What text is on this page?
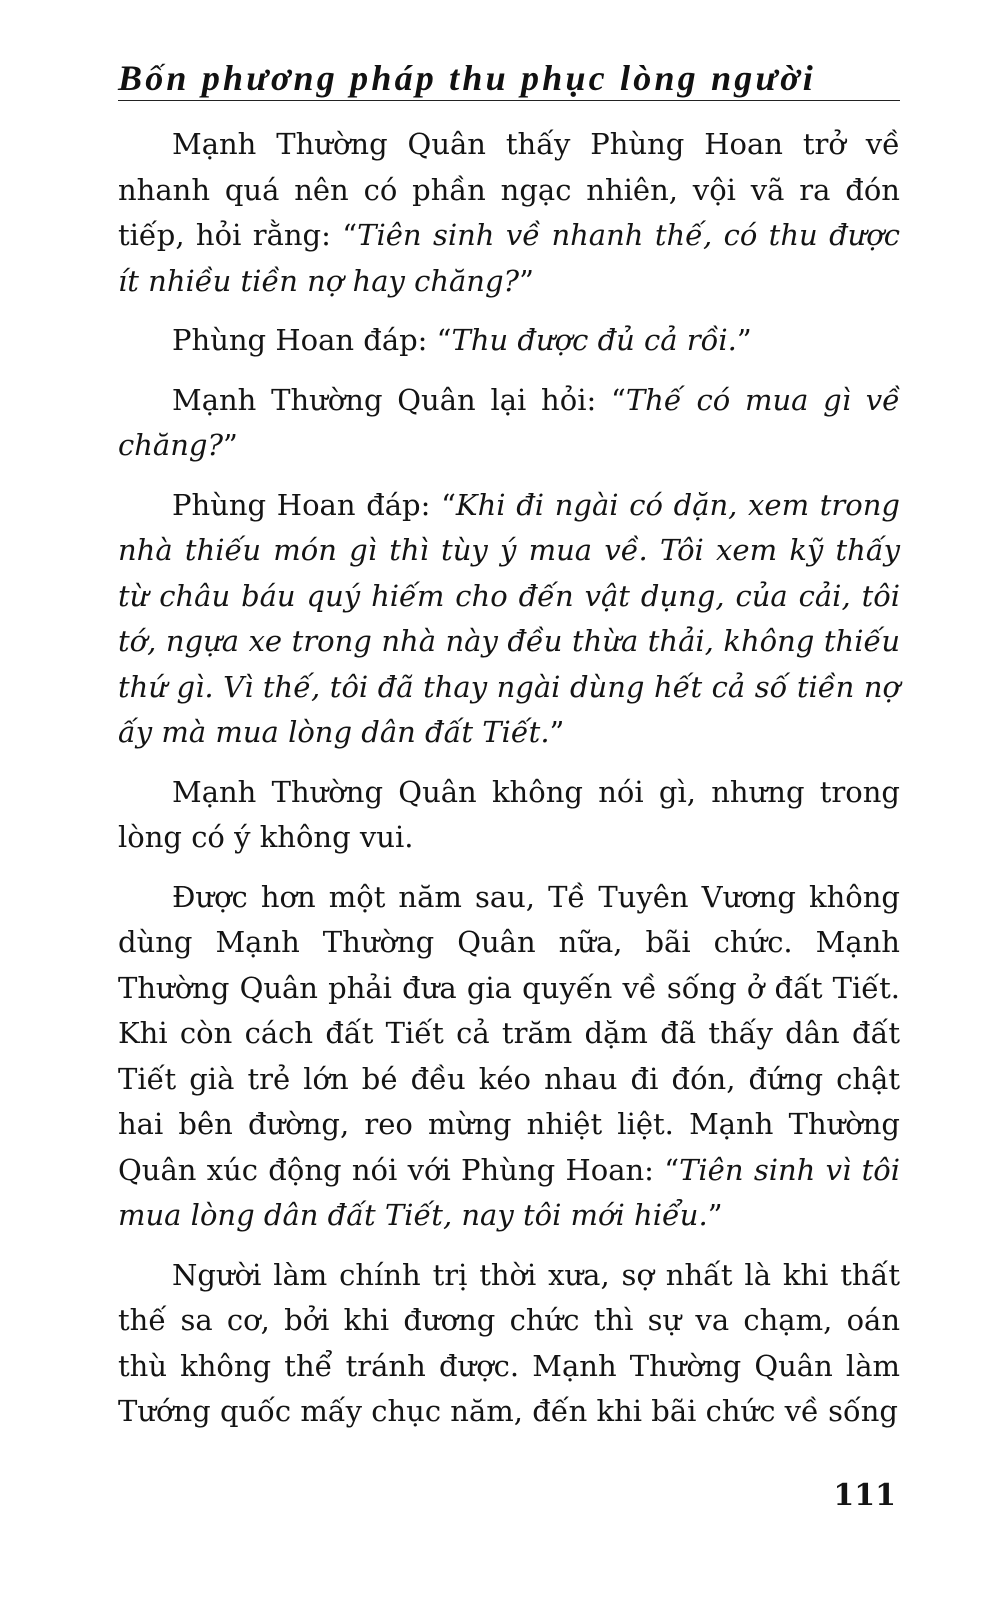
Bốn phương pháp thu phục lòng người

Mạnh Thường Quân thấy Phùng Hoan trở về nhanh quá nên có phần ngạc nhiên, vội vã ra đón tiếp, hỏi rằng: “Tiên sinh về nhanh thế, có thu được ít nhiều tiền nợ hay chăng?”

Phùng Hoan đáp: “Thu được đủ cả rồi.”

Mạnh Thường Quân lại hỏi: “Thế có mua gì về chăng?”

Phùng Hoan đáp: “Khi đi ngài có dặn, xem trong nhà thiếu món gì thì tùy ý mua về. Tôi xem kỹ thấy từ châu báu quý hiếm cho đến vật dụng, của cải, tôi tớ, ngựa xe trong nhà này đều thừa thải, không thiếu thứ gì. Vì thế, tôi đã thay ngài dùng hết cả số tiền nợ ấy mà mua lòng dân đất Tiết.”

Mạnh Thường Quân không nói gì, nhưng trong lòng có ý không vui.

Được hơn một năm sau, Tề Tuyên Vương không dùng Mạnh Thường Quân nữa, bãi chức. Mạnh Thường Quân phải đưa gia quyến về sống ở đất Tiết. Khi còn cách đất Tiết cả trăm dặm đã thấy dân đất Tiết già trẻ lớn bé đều kéo nhau đi đón, đứng chật hai bên đường, reo mừng nhiệt liệt. Mạnh Thường Quân xúc động nói với Phùng Hoan: “Tiên sinh vì tôi mua lòng dân đất Tiết, nay tôi mới hiểu.”

Người làm chính trị thời xưa, sợ nhất là khi thất thế sa cơ, bởi khi đương chức thì sự va chạm, oán thù không thể tránh được. Mạnh Thường Quân làm Tướng quốc mấy chục năm, đến khi bãi chức về sống

111
